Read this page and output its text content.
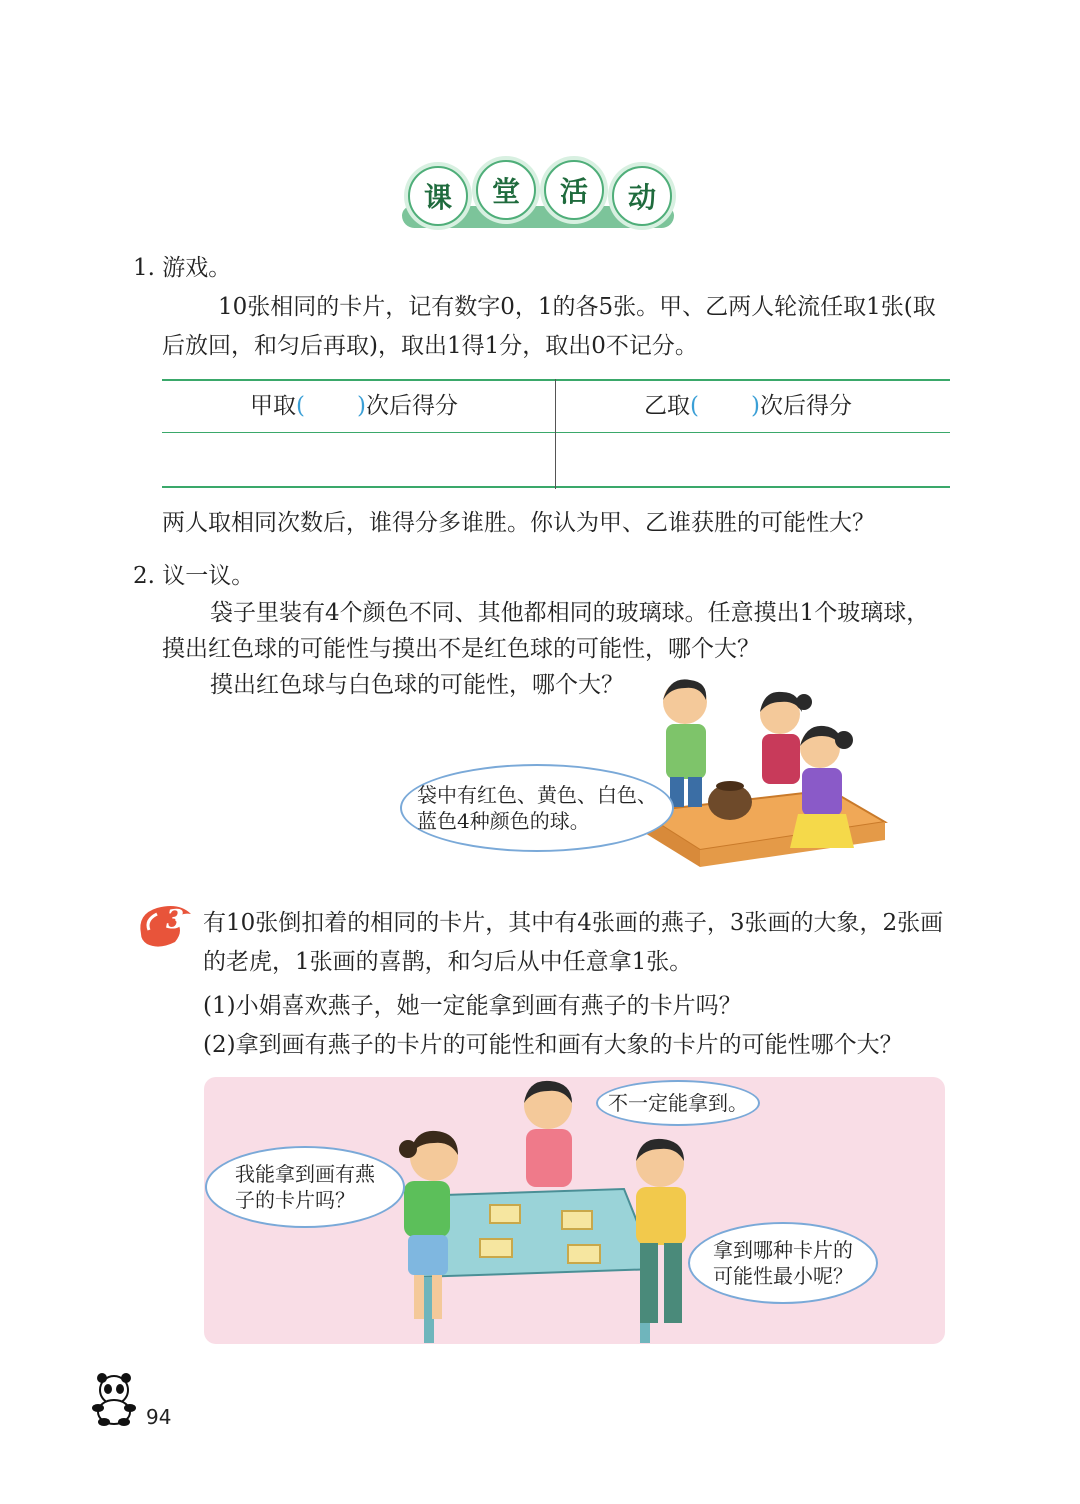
课	堂	活	动
1. 游戏。
10张相同的卡片，记有数字0，1的各5张。甲、乙两人轮流任取1张(取
后放回，和匀后再取)，取出1得1分，取出0不记分。
甲取( )次后得分	乙取( )次后得分
两人取相同次数后，谁得分多谁胜。你认为甲、乙谁获胜的可能性大？
2. 议一议。
袋子里装有4个颜色不同、其他都相同的玻璃球。任意摸出1个玻璃球，
摸出红色球的可能性与摸出不是红色球的可能性，哪个大？
摸出红色球与白色球的可能性，哪个大？
袋中有红色、黄色、白色、
蓝色4种颜色的球。
3 有10张倒扣着的相同的卡片，其中有4张画的燕子，3张画的大象，2张画
的老虎，1张画的喜鹊，和匀后从中任意拿1张。
(1)小娟喜欢燕子，她一定能拿到画有燕子的卡片吗？
(2)拿到画有燕子的卡片的可能性和画有大象的卡片的可能性哪个大？
不一定能拿到。
我能拿到画有燕
子的卡片吗？
拿到哪种卡片的
可能性最小呢？
94
